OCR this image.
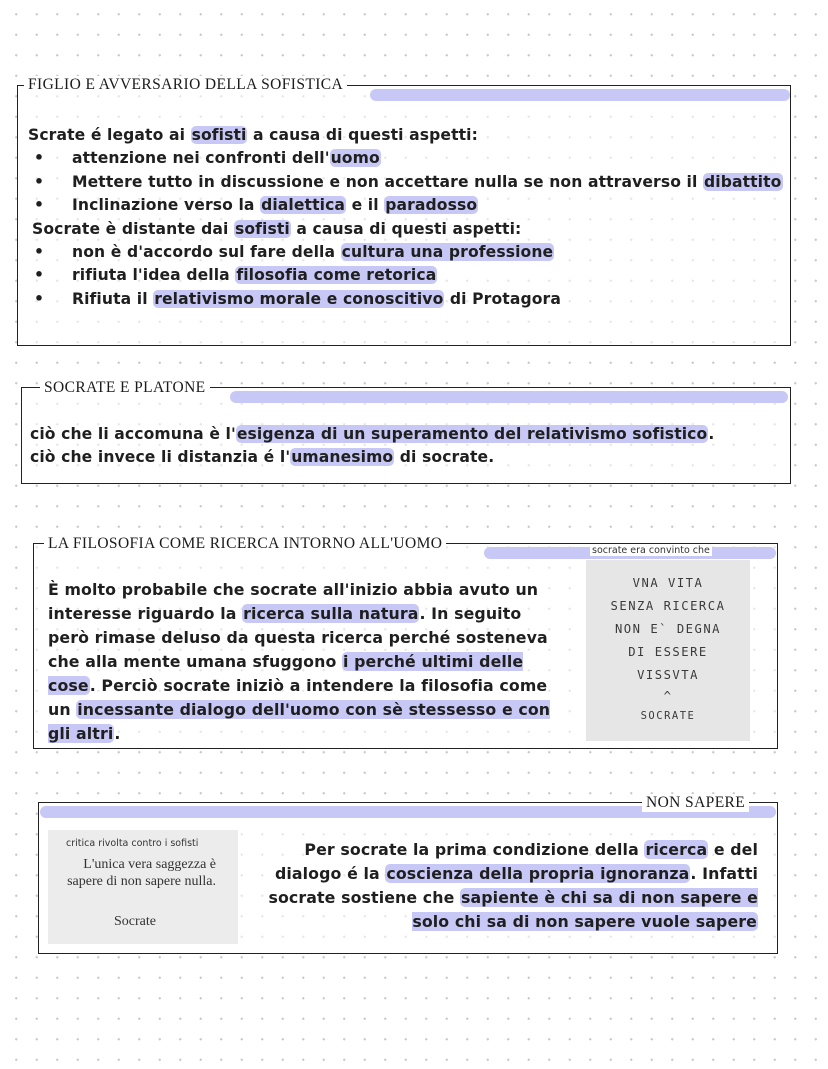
FIGLIO E AVVERSARIO DELLA SOFISTICA
Scrate é legato ai sofisti a causa di questi aspetti:
• attenzione nei confronti dell'uomo
• Mettere tutto in discussione e non accettare nulla se non attraverso il dibattito
• Inclinazione verso la dialettica e il paradosso
Socrate è distante dai sofisti a causa di questi aspetti:
• non è d'accordo sul fare della cultura una professione
• rifiuta l'idea della filosofia come retorica
• Rifiuta il relativismo morale e conoscitivo di Protagora
SOCRATE E PLATONE
ciò che li accomuna è l'esigenza di un superamento del relativismo sofistico.
ciò che invece li distanzia é l'umanesimo di socrate.
LA FILOSOFIA COME RICERCA INTORNO ALL'UOMO	socrate era convinto che
È molto probabile che socrate all'inizio abbia avuto un interesse riguardo la ricerca sulla natura. In seguito però rimase deluso da questa ricerca perché sosteneva che alla mente umana sfuggono i perché ultimi delle cose. Perciò socrate iniziò a intendere la filosofia come un incessante dialogo dell'uomo con sè stessesso e con gli altri.
VNA VITA
SENZA RICERCA
NON E` DEGNA
DI ESSERE
VISSVTA
^
SOCRATE
NON SAPERE
critica rivolta contro i sofisti
L'unica vera saggezza è sapere di non sapere nulla.
Socrate
Per socrate la prima condizione della ricerca e del dialogo é la coscienza della propria ignoranza. Infatti socrate sostiene che sapiente è chi sa di non sapere e solo chi sa di non sapere vuole sapere
